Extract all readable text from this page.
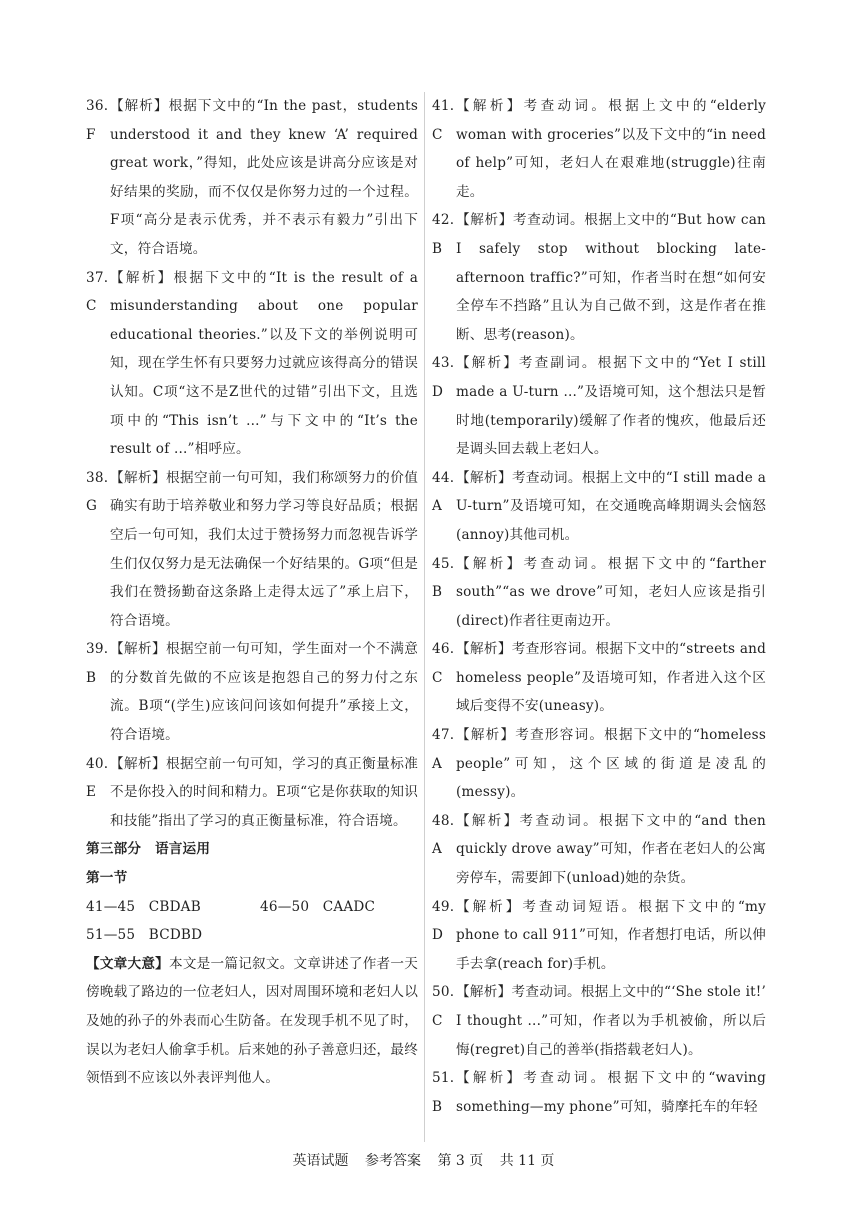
36. F
【解析】根据下文中的“In the past，students understood it and they knew ‘A’ required great work，”得知，此处应该是讲高分应该是对好结果的奖励，而不仅仅是你努力过的一个过程。F项“高分是表示优秀，并不表示有毅力”引出下文，符合语境。
37. C
【解析】根据下文中的“It is the result of a misunderstanding about one popular educational theories.”以及下文的举例说明可知，现在学生怀有只要努力过就应该得高分的错误认知。C项“这不是Z世代的过错”引出下文，且选项中的“This isn’t ...”与下文中的“It’s the result of ...”相呼应。
38. G
【解析】根据空前一句可知，我们称颂努力的价值确实有助于培养敬业和努力学习等良好品质；根据空后一句可知，我们太过于赞扬努力而忽视告诉学生们仅仅努力是无法确保一个好结果的。G项“但是我们在赞扬勤奋这条路上走得太远了”承上启下，符合语境。
39. B
【解析】根据空前一句可知，学生面对一个不满意的分数首先做的不应该是抱怨自己的努力付之东流。B项“(学生)应该问问该如何提升”承接上文，符合语境。
40. E
【解析】根据空前一句可知，学习的真正衡量标准不是你投入的时间和精力。E项“它是你获取的知识和技能”指出了学习的真正衡量标准，符合语境。
第三部分　语言运用
第一节
41—45 CBDAB	46—50 CAADC
51—55 BCDBD
【文章大意】本文是一篇记叙文。文章讲述了作者一天傍晚载了路边的一位老妇人，因对周围环境和老妇人以及她的孙子的外表而心生防备。在发现手机不见了时，误以为老妇人偷拿手机。后来她的孙子善意归还，最终领悟到不应该以外表评判他人。
41. C
【解析】考查动词。根据上文中的“elderly woman with groceries”以及下文中的“in need of help”可知，老妇人在艰难地(struggle)往南走。
42. B
【解析】考查动词。根据上文中的“But how can I safely stop without blocking late-afternoon traffic?”可知，作者当时在想“如何安全停车不挡路”且认为自己做不到，这是作者在推断、思考(reason)。
43. D
【解析】考查副词。根据下文中的“Yet I still made a U-turn ...”及语境可知，这个想法只是暂时地(temporarily)缓解了作者的愧疚，他最后还是调头回去载上老妇人。
44. A
【解析】考查动词。根据上文中的“I still made a U-turn”及语境可知，在交通晚高峰期调头会恼怒(annoy)其他司机。
45. B
【解析】考查动词。根据下文中的“farther south”“as we drove”可知，老妇人应该是指引(direct)作者往更南边开。
46. C
【解析】考查形容词。根据下文中的“streets and homeless people”及语境可知，作者进入这个区域后变得不安(uneasy)。
47. A
【解析】考查形容词。根据下文中的“homeless people”可知，这个区域的街道是凌乱的(messy)。
48. A
【解析】考查动词。根据下文中的“and then quickly drove away”可知，作者在老妇人的公寓旁停车，需要卸下(unload)她的杂货。
49. D
【解析】考查动词短语。根据下文中的“my phone to call 911”可知，作者想打电话，所以伸手去拿(reach for)手机。
50. C
【解析】考查动词。根据上文中的“‘She stole it!’ I thought ...”可知，作者以为手机被偷，所以后悔(regret)自己的善举(指搭载老妇人)。
51. B
【解析】考查动词。根据下文中的“waving something—my phone”可知，骑摩托车的年轻
英语试题 参考答案 第 3 页 共 11 页
